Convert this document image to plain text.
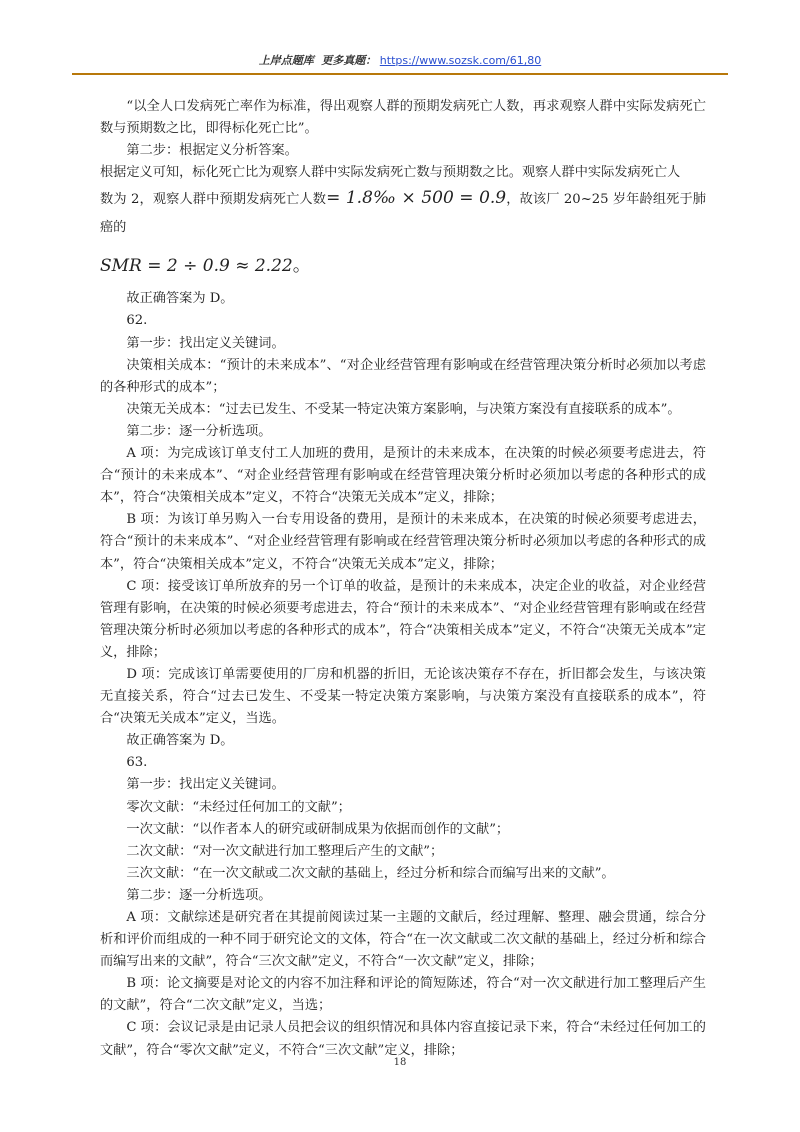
上岸点题库 更多真题： https://www.sozsk.com/61,80

“以全人口发病死亡率作为标准，得出观察人群的预期发病死亡人数，再求观察人群中实际发病死亡数与预期数之比，即得标化死亡比”。

第二步：根据定义分析答案。

根据定义可知，标化死亡比为观察人群中实际发病死亡数与预期数之比。观察人群中实际发病死亡人

数为 2，观察人群中预期发病死亡人数= 1.8‰ × 500 = 0.9，故该厂 20~25 岁年龄组死于肺癌的

SMR = 2 ÷ 0.9 ≈ 2.22。

故正确答案为 D。

62.

第一步：找出定义关键词。

决策相关成本：“预计的未来成本”、“对企业经营管理有影响或在经营管理决策分析时必须加以考虑的各种形式的成本”；

决策无关成本：“过去已发生、不受某一特定决策方案影响，与决策方案没有直接联系的成本”。

第二步：逐一分析选项。

A 项：为完成该订单支付工人加班的费用，是预计的未来成本，在决策的时候必须要考虑进去，符合“预计的未来成本”、“对企业经营管理有影响或在经营管理决策分析时必须加以考虑的各种形式的成本”，符合“决策相关成本”定义，不符合“决策无关成本”定义，排除；

B 项：为该订单另购入一台专用设备的费用，是预计的未来成本，在决策的时候必须要考虑进去，符合“预计的未来成本”、“对企业经营管理有影响或在经营管理决策分析时必须加以考虑的各种形式的成本”，符合“决策相关成本”定义，不符合“决策无关成本”定义，排除；

C 项：接受该订单所放弃的另一个订单的收益，是预计的未来成本，决定企业的收益，对企业经营管理有影响，在决策的时候必须要考虑进去，符合“预计的未来成本”、“对企业经营管理有影响或在经营管理决策分析时必须加以考虑的各种形式的成本”，符合“决策相关成本”定义，不符合“决策无关成本”定义，排除；

D 项：完成该订单需要使用的厂房和机器的折旧，无论该决策存不存在，折旧都会发生，与该决策无直接关系，符合“过去已发生、不受某一特定决策方案影响，与决策方案没有直接联系的成本”，符合“决策无关成本”定义，当选。

故正确答案为 D。

63.

第一步：找出定义关键词。

零次文献：“未经过任何加工的文献”；

一次文献：“以作者本人的研究或研制成果为依据而创作的文献”；

二次文献：“对一次文献进行加工整理后产生的文献”；

三次文献：“在一次文献或二次文献的基础上，经过分析和综合而编写出来的文献”。

第二步：逐一分析选项。

A 项：文献综述是研究者在其提前阅读过某一主题的文献后，经过理解、整理、融会贯通，综合分析和评价而组成的一种不同于研究论文的文体，符合“在一次文献或二次文献的基础上，经过分析和综合而编写出来的文献”，符合“三次文献”定义，不符合“一次文献”定义，排除；

B 项：论文摘要是对论文的内容不加注释和评论的简短陈述，符合“对一次文献进行加工整理后产生的文献”，符合“二次文献”定义，当选；

C 项：会议记录是由记录人员把会议的组织情况和具体内容直接记录下来，符合“未经过任何加工的文献”，符合“零次文献”定义，不符合“三次文献”定义，排除；

18
